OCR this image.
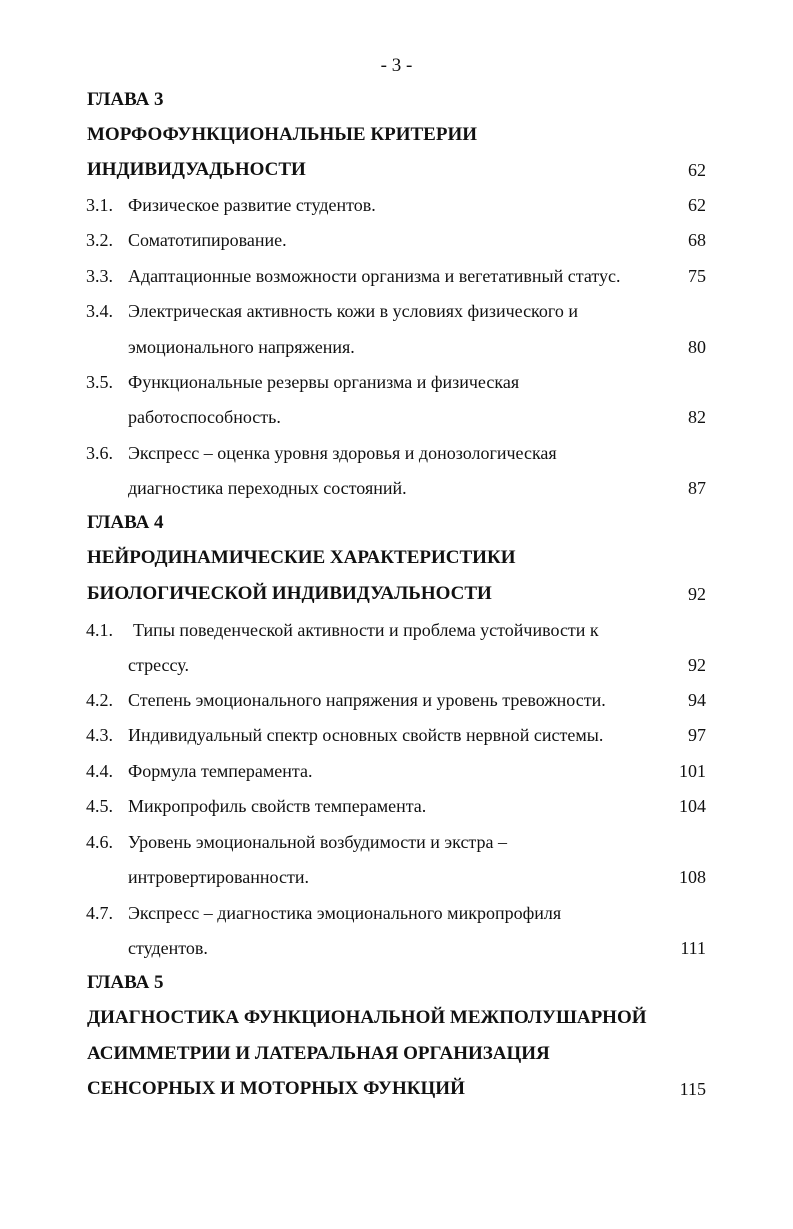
- 3 -
ГЛАВА 3
МОРФОФУНКЦИОНАЛЬНЫЕ КРИТЕРИИ
ИНДИВИДУАДЬНОСТИ	62
3.1. Физическое развитие студентов.	62
3.2. Соматотипирование.	68
3.3. Адаптационные возможности организма и вегетативный статус.	75
3.4. Электрическая активность кожи в условиях физического и
эмоционального напряжения.	80
3.5. Функциональные резервы организма и физическая
работоспособность.	82
3.6. Экспресс – оценка уровня здоровья и донозологическая
диагностика переходных состояний.	87
ГЛАВА 4
НЕЙРОДИНАМИЧЕСКИЕ ХАРАКТЕРИСТИКИ
БИОЛОГИЧЕСКОЙ ИНДИВИДУАЛЬНОСТИ	92
4.1. Типы поведенческой активности и проблема устойчивости к
стрессу.	92
4.2. Степень эмоционального напряжения и уровень тревожности.	94
4.3. Индивидуальный спектр основных свойств нервной системы.	97
4.4. Формула темперамента.	101
4.5. Микропрофиль свойств темперамента.	104
4.6. Уровень эмоциональной возбудимости и экстра –
интровертированности.	108
4.7. Экспресс – диагностика эмоционального микропрофиля
студентов.	111
ГЛАВА 5
ДИАГНОСТИКА ФУНКЦИОНАЛЬНОЙ МЕЖПОЛУШАРНОЙ
АСИММЕТРИИ И ЛАТЕРАЛЬНАЯ ОРГАНИЗАЦИЯ
СЕНСОРНЫХ И МОТОРНЫХ ФУНКЦИЙ	115
